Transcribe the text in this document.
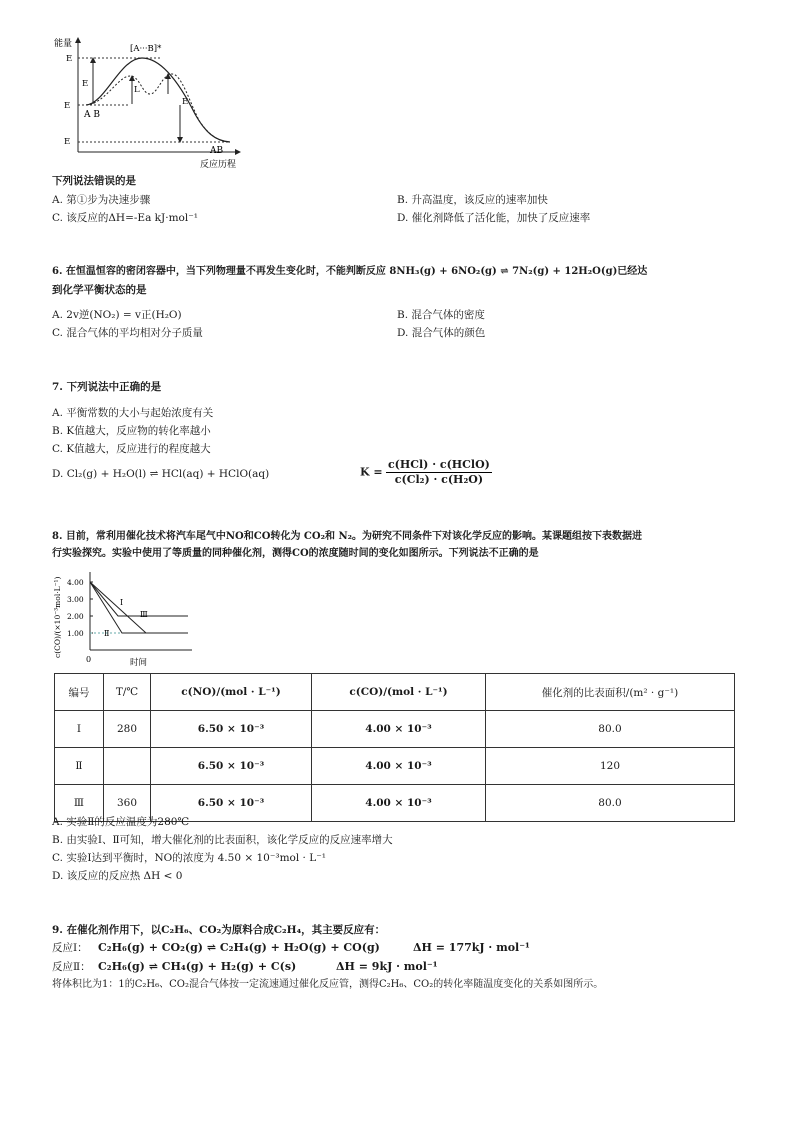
能量
E
[A···B]*
E
L
E
A B
E
E
AB
反应历程
下列说法错误的是
A. 第①步为决速步骤	B. 升高温度，该反应的速率加快
C. 该反应的ΔH=-Ea kJ·mol⁻¹	D. 催化剂降低了活化能，加快了反应速率
6. 在恒温恒容的密闭容器中，当下列物理量不再发生变化时，不能判断反应 8NH₃(g) + 6NO₂(g) ⇌ 7N₂(g) + 12H₂O(g)已经达
到化学平衡状态的是
A. 2v逆(NO₂) = v正(H₂O)	B. 混合气体的密度
C. 混合气体的平均相对分子质量	D. 混合气体的颜色
7. 下列说法中正确的是
A. 平衡常数的大小与起始浓度有关
B. K值越大，反应物的转化率越小
C. K值越大，反应进行的程度越大
D. Cl₂(g) + H₂O(l) ⇌ HCl(aq) + HClO(aq)	$K = \frac{\text{c(HCl) · c(HClO)}}{\text{c(Cl₂) · c(H₂O)}}$
8. 目前，常利用催化技术将汽车尾气中NO和CO转化为 CO₂和 N₂。为研究不同条件下对该化学反应的影响。某课题组按下表数据进
行实验探究。实验中使用了等质量的同种催化剂，测得CO的浓度随时间的变化如图所示。下列说法不正确的是
c(CO)/(×10⁻³mol·L⁻¹)
0	时间
4.00
3.00
2.00
1.00
Ⅰ
Ⅱ
Ⅲ
编号	T/℃	c(NO)/(mol · L⁻¹)	c(CO)/(mol · L⁻¹)	催化剂的比表面积/(m² · g⁻¹)
Ⅰ	280	6.50 × 10⁻³	4.00 × 10⁻³	80.0
Ⅱ		6.50 × 10⁻³	4.00 × 10⁻³	120
Ⅲ	360	6.50 × 10⁻³	4.00 × 10⁻³	80.0
A. 实验Ⅱ的反应温度为280℃
B. 由实验Ⅰ、Ⅱ可知，增大催化剂的比表面积，该化学反应的反应速率增大
C. 实验Ⅰ达到平衡时，NO的浓度为 4.50 × 10⁻³mol · L⁻¹
D. 该反应的反应热 ΔH < 0
9. 在催化剂作用下，以C₂H₆、CO₂为原料合成C₂H₄，其主要反应有：
反应Ⅰ： C₂H₆(g) + CO₂(g) ⇌ C₂H₄(g) + H₂O(g) + CO(g)	ΔH = 177kJ · mol⁻¹
反应Ⅱ： C₂H₆(g) ⇌ CH₄(g) + H₂(g) + C(s)	ΔH = 9kJ · mol⁻¹
将体积比为1：1的C₂H₆、CO₂混合气体按一定流速通过催化反应管，测得C₂H₆、CO₂的转化率随温度变化的关系如图所示。
